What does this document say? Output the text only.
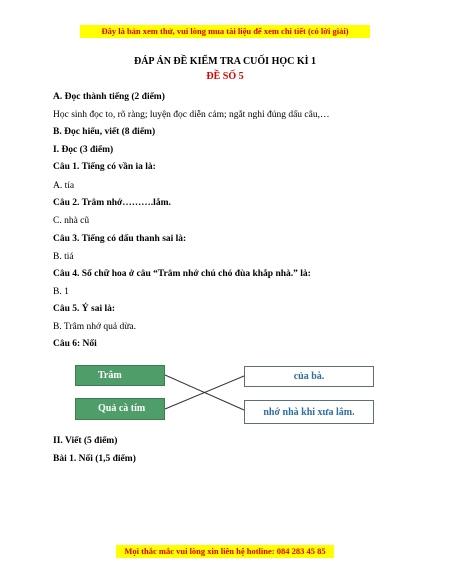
Đây là bản xem thử, vui lòng mua tài liệu để xem chi tiết (có lời giải)
ĐÁP ÁN ĐỀ KIỂM TRA CUỐI HỌC KÌ 1
ĐỀ SỐ 5
A. Đọc thành tiếng (2 điểm)
Học sinh đọc to, rõ ràng; luyện đọc diễn cảm; ngắt nghỉ đúng dấu câu,…
B. Đọc hiểu, viết (8 điểm)
I. Đọc (3 điểm)
Câu 1. Tiếng có vần ia là:
A. tía
Câu 2. Trâm nhớ……….lắm.
C. nhà cũ
Câu 3. Tiếng có dấu thanh sai là:
B. tiá
Câu 4. Số chữ hoa ở câu “Trâm nhớ chú chó đùa khắp nhà.” là:
B. 1
Câu 5. Ý sai là:
B. Trâm nhớ quả dừa.
Câu 6: Nối
Trâm
Quả cà tím
của bà.
nhớ nhà khi xưa lắm.
II. Viết (5 điểm)
Bài 1. Nối (1,5 điểm)
Mọi thắc mắc vui lòng xin liên hệ hotline: 084 283 45 85
